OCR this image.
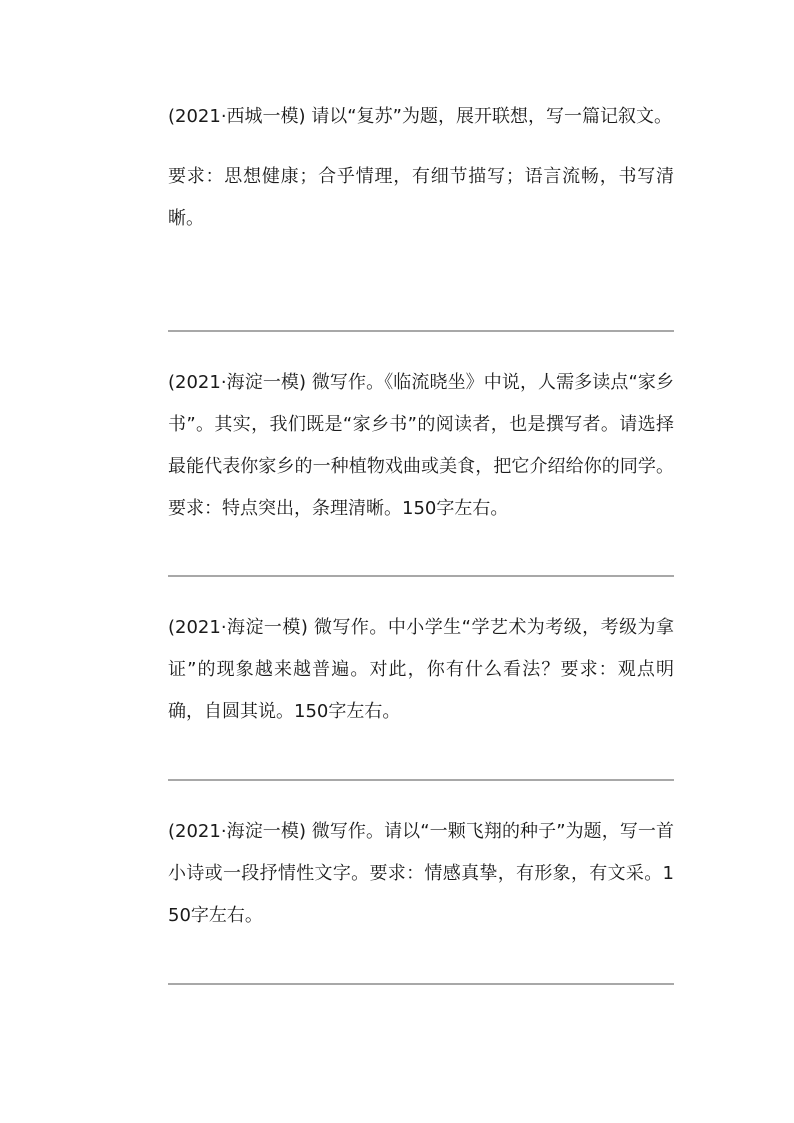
(2021·西城一模) 请以“复苏”为题，展开联想，写一篇记叙文。

要求：思想健康；合乎情理，有细节描写；语言流畅，书写清晰。

(2021·海淀一模) 微写作。《临流晓坐》中说，人需多读点“家乡书”。其实，我们既是“家乡书”的阅读者，也是撰写者。请选择最能代表你家乡的一种植物戏曲或美食，把它介绍给你的同学。要求：特点突出，条理清晰。150字左右。

(2021·海淀一模) 微写作。中小学生“学艺术为考级，考级为拿证”的现象越来越普遍。对此，你有什么看法？要求：观点明确，自圆其说。150字左右。

(2021·海淀一模) 微写作。请以“一颗飞翔的种子”为题，写一首小诗或一段抒情性文字。要求：情感真挚，有形象，有文采。150字左右。
